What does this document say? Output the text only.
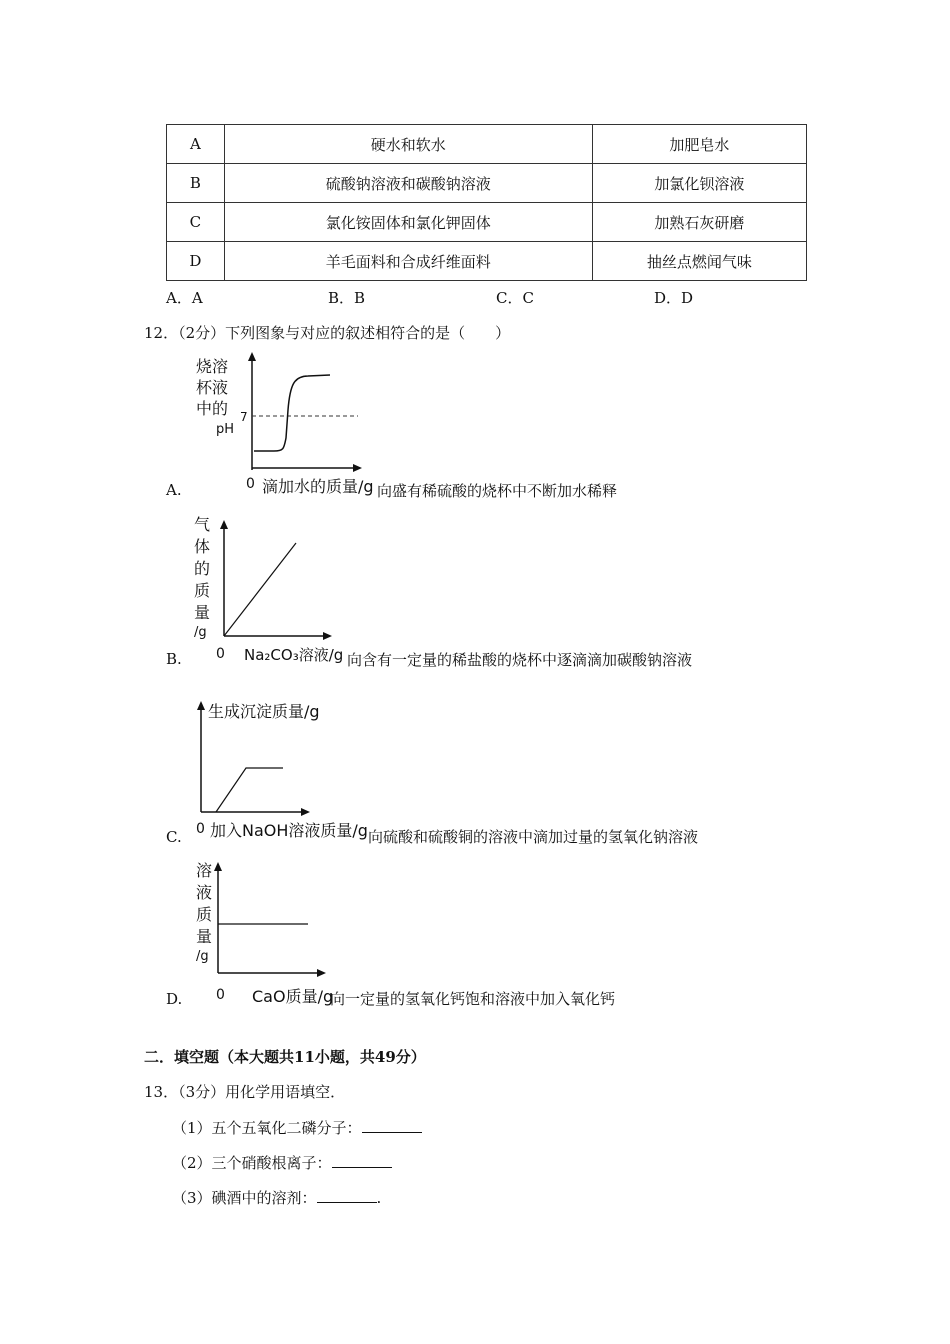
A	硬水和软水	加肥皂水
B	硫酸钠溶液和碳酸钠溶液	加氯化钡溶液
C	氯化铵固体和氯化钾固体	加熟石灰研磨
D	羊毛面料和合成纤维面料	抽丝点燃闻气味
A．A	B．B	C．C	D．D
12．（2分）下列图象与对应的叙述相符合的是（　　）
烧溶
杯液
中的
pH
7
0 滴加水的质量/g
A.	向盛有稀硫酸的烧杯中不断加水稀释
气
体
的
质
量
/g
0 Na₂CO₃溶液/g
B.	向含有一定量的稀盐酸的烧杯中逐滴滴加碳酸钠溶液
生成沉淀质量/g
0 加入NaOH溶液质量/g
C.	向硫酸和硫酸铜的溶液中滴加过量的氢氧化钠溶液
溶
液
质
量
/g
0 CaO质量/g
D.	向一定量的氢氧化钙饱和溶液中加入氧化钙
二．填空题（本大题共11小题，共49分）
13．（3分）用化学用语填空．
（1）五个五氧化二磷分子：
（2）三个硝酸根离子：
（3）碘酒中的溶剂：	.
